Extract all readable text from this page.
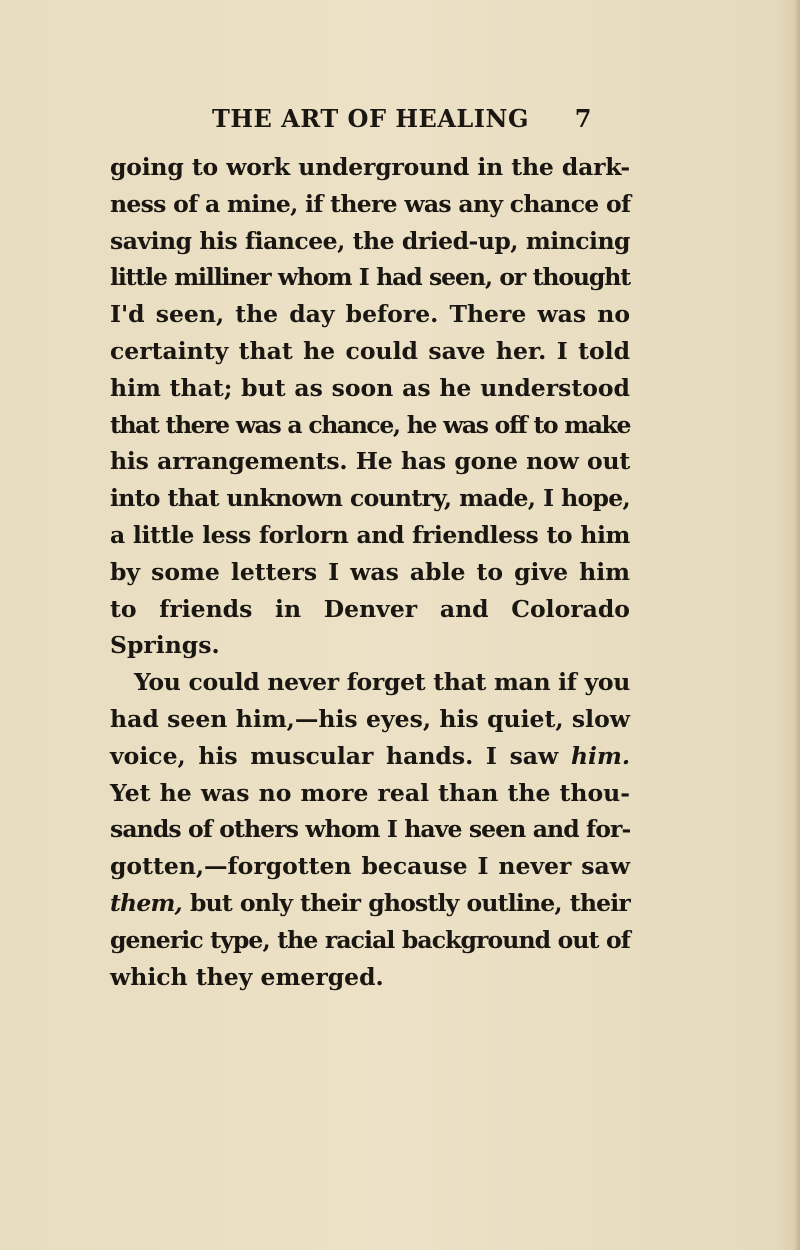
THE ART OF HEALING 7
going to work underground in the dark-
ness of a mine, if there was any chance of
saving his fiancee, the dried-up, mincing
little milliner whom I had seen, or thought
I'd seen, the day before. There was no
certainty that he could save her. I told
him that; but as soon as he understood
that there was a chance, he was off to make
his arrangements. He has gone now out
into that unknown country, made, I hope,
a little less forlorn and friendless to him
by some letters I was able to give him
to friends in Denver and Colorado
Springs.
You could never forget that man if you
had seen him,—his eyes, his quiet, slow
voice, his muscular hands. I saw him.
Yet he was no more real than the thou-
sands of others whom I have seen and for-
gotten,—forgotten because I never saw
them, but only their ghostly outline, their
generic type, the racial background out of
which they emerged.
